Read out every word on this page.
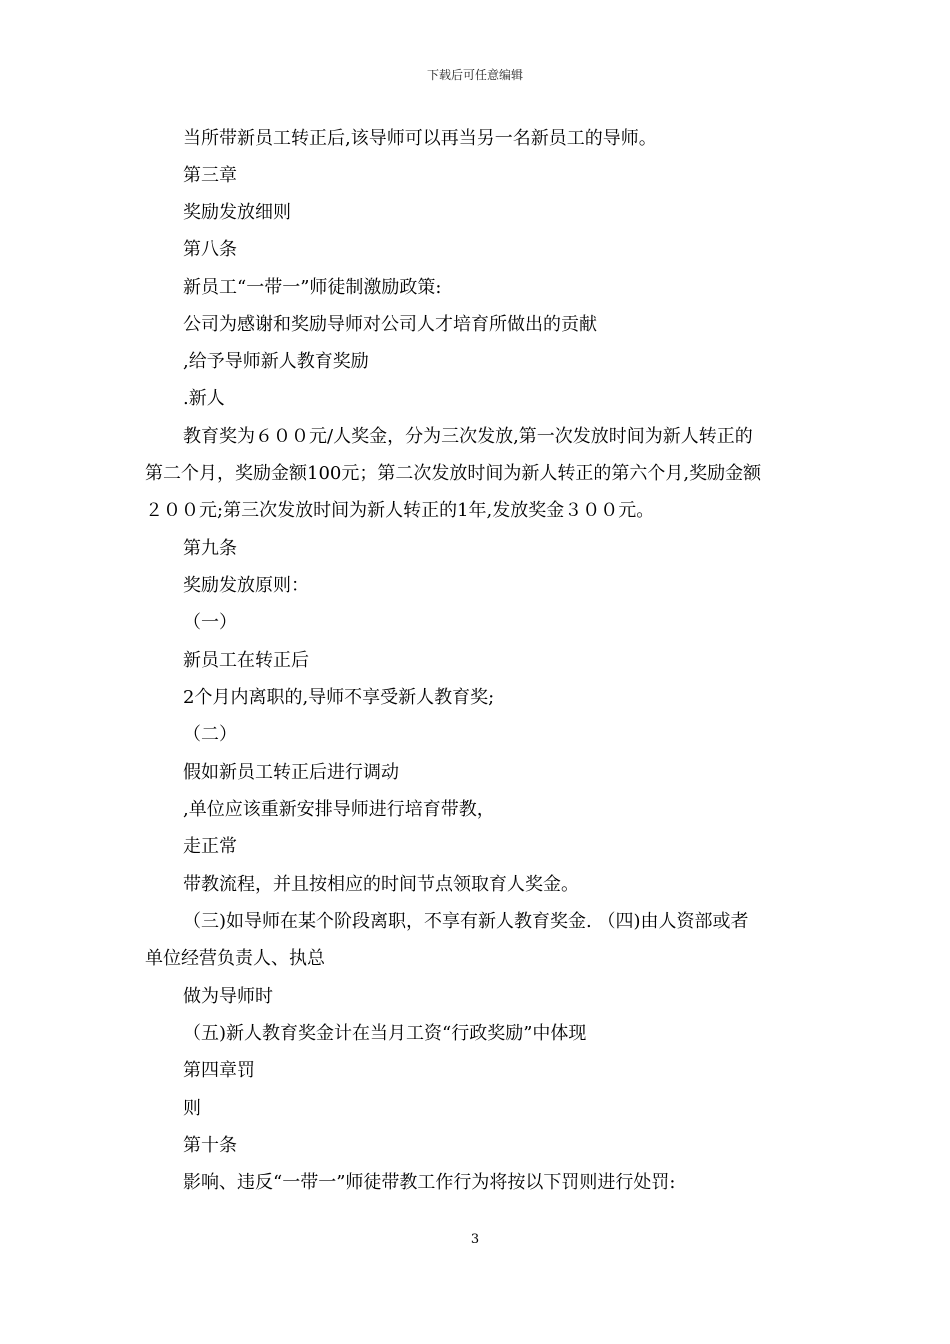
下载后可任意编辑
当所带新员工转正后,该导师可以再当另一名新员工的导师。
第三章
奖励发放细则
第八条
新员工“一带一”师徒制激励政策:
公司为感谢和奖励导师对公司人才培育所做出的贡献
,给予导师新人教育奖励
.新人
教育奖为６００元/人奖金，分为三次发放,第一次发放时间为新人转正的
第二个月，奖励金额100元；第二次发放时间为新人转正的第六个月,奖励金额
２００元;第三次发放时间为新人转正的1年,发放奖金３００元。
第九条
奖励发放原则：
（一）
新员工在转正后
2个月内离职的,导师不享受新人教育奖;
（二）
假如新员工转正后进行调动
,单位应该重新安排导师进行培育带教，
走正常
带教流程，并且按相应的时间节点领取育人奖金。
（三)如导师在某个阶段离职，不享有新人教育奖金. （四)由人资部或者
单位经营负责人、执总
做为导师时
（五)新人教育奖金计在当月工资“行政奖励”中体现
第四章罚
则
第十条
影响、违反“一带一”师徒带教工作行为将按以下罚则进行处罚:
3
